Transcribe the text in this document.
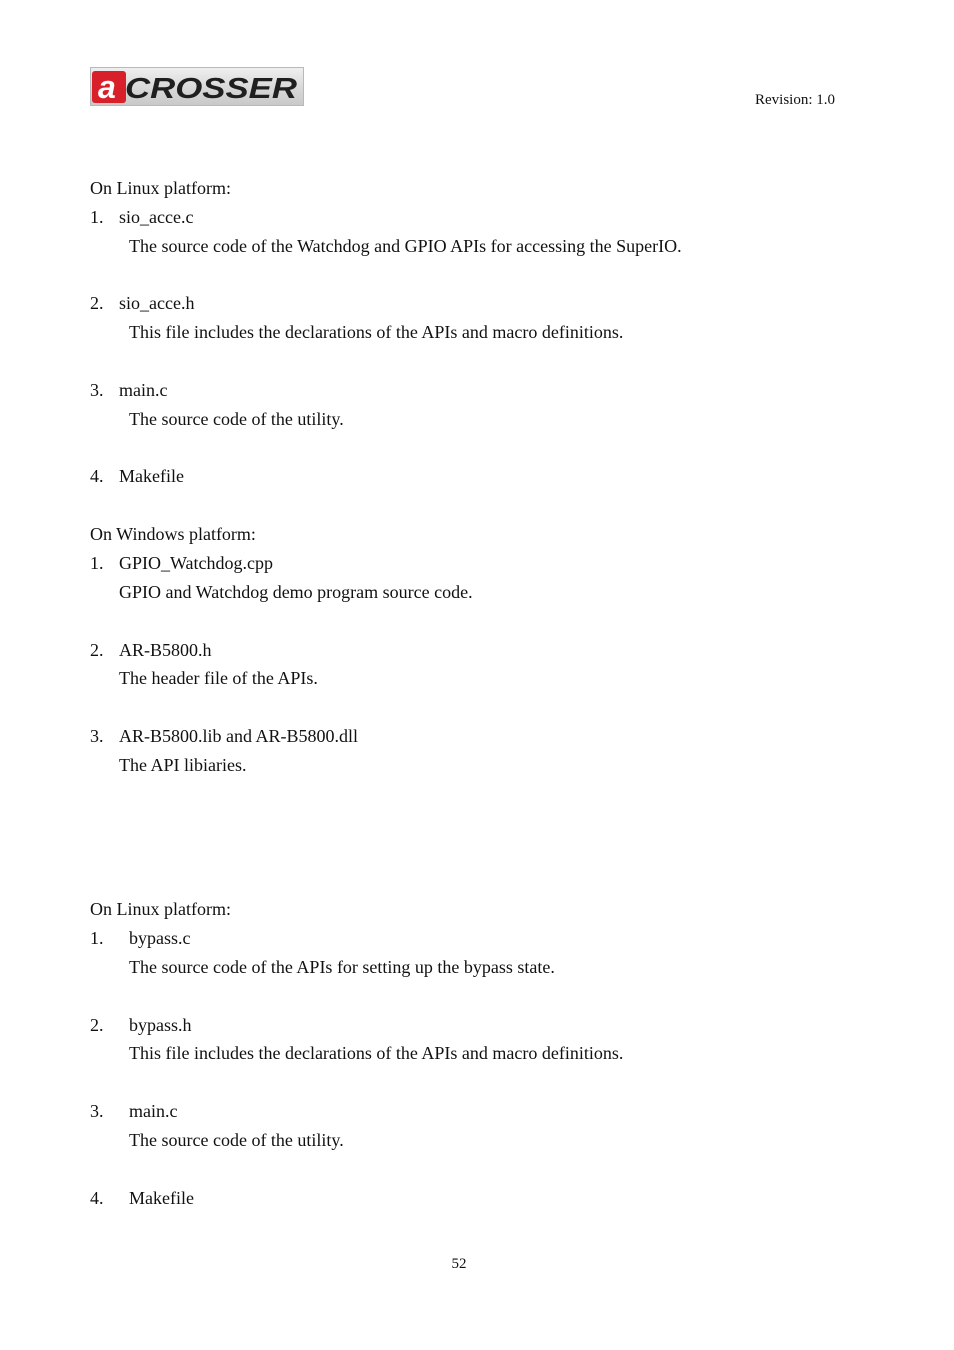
a CROSSER	Revision: 1.0
On Linux platform:
1. sio_acce.c
The source code of the Watchdog and GPIO APIs for accessing the SuperIO.
2. sio_acce.h
This file includes the declarations of the APIs and macro definitions.
3. main.c
The source code of the utility.
4. Makefile
On Windows platform:
1. GPIO_Watchdog.cpp
GPIO and Watchdog demo program source code.
2. AR-B5800.h
The header file of the APIs.
3. AR-B5800.lib and AR-B5800.dll
The API libiaries.
On Linux platform:
1. bypass.c
The source code of the APIs for setting up the bypass state.
2. bypass.h
This file includes the declarations of the APIs and macro definitions.
3. main.c
The source code of the utility.
4. Makefile
52
